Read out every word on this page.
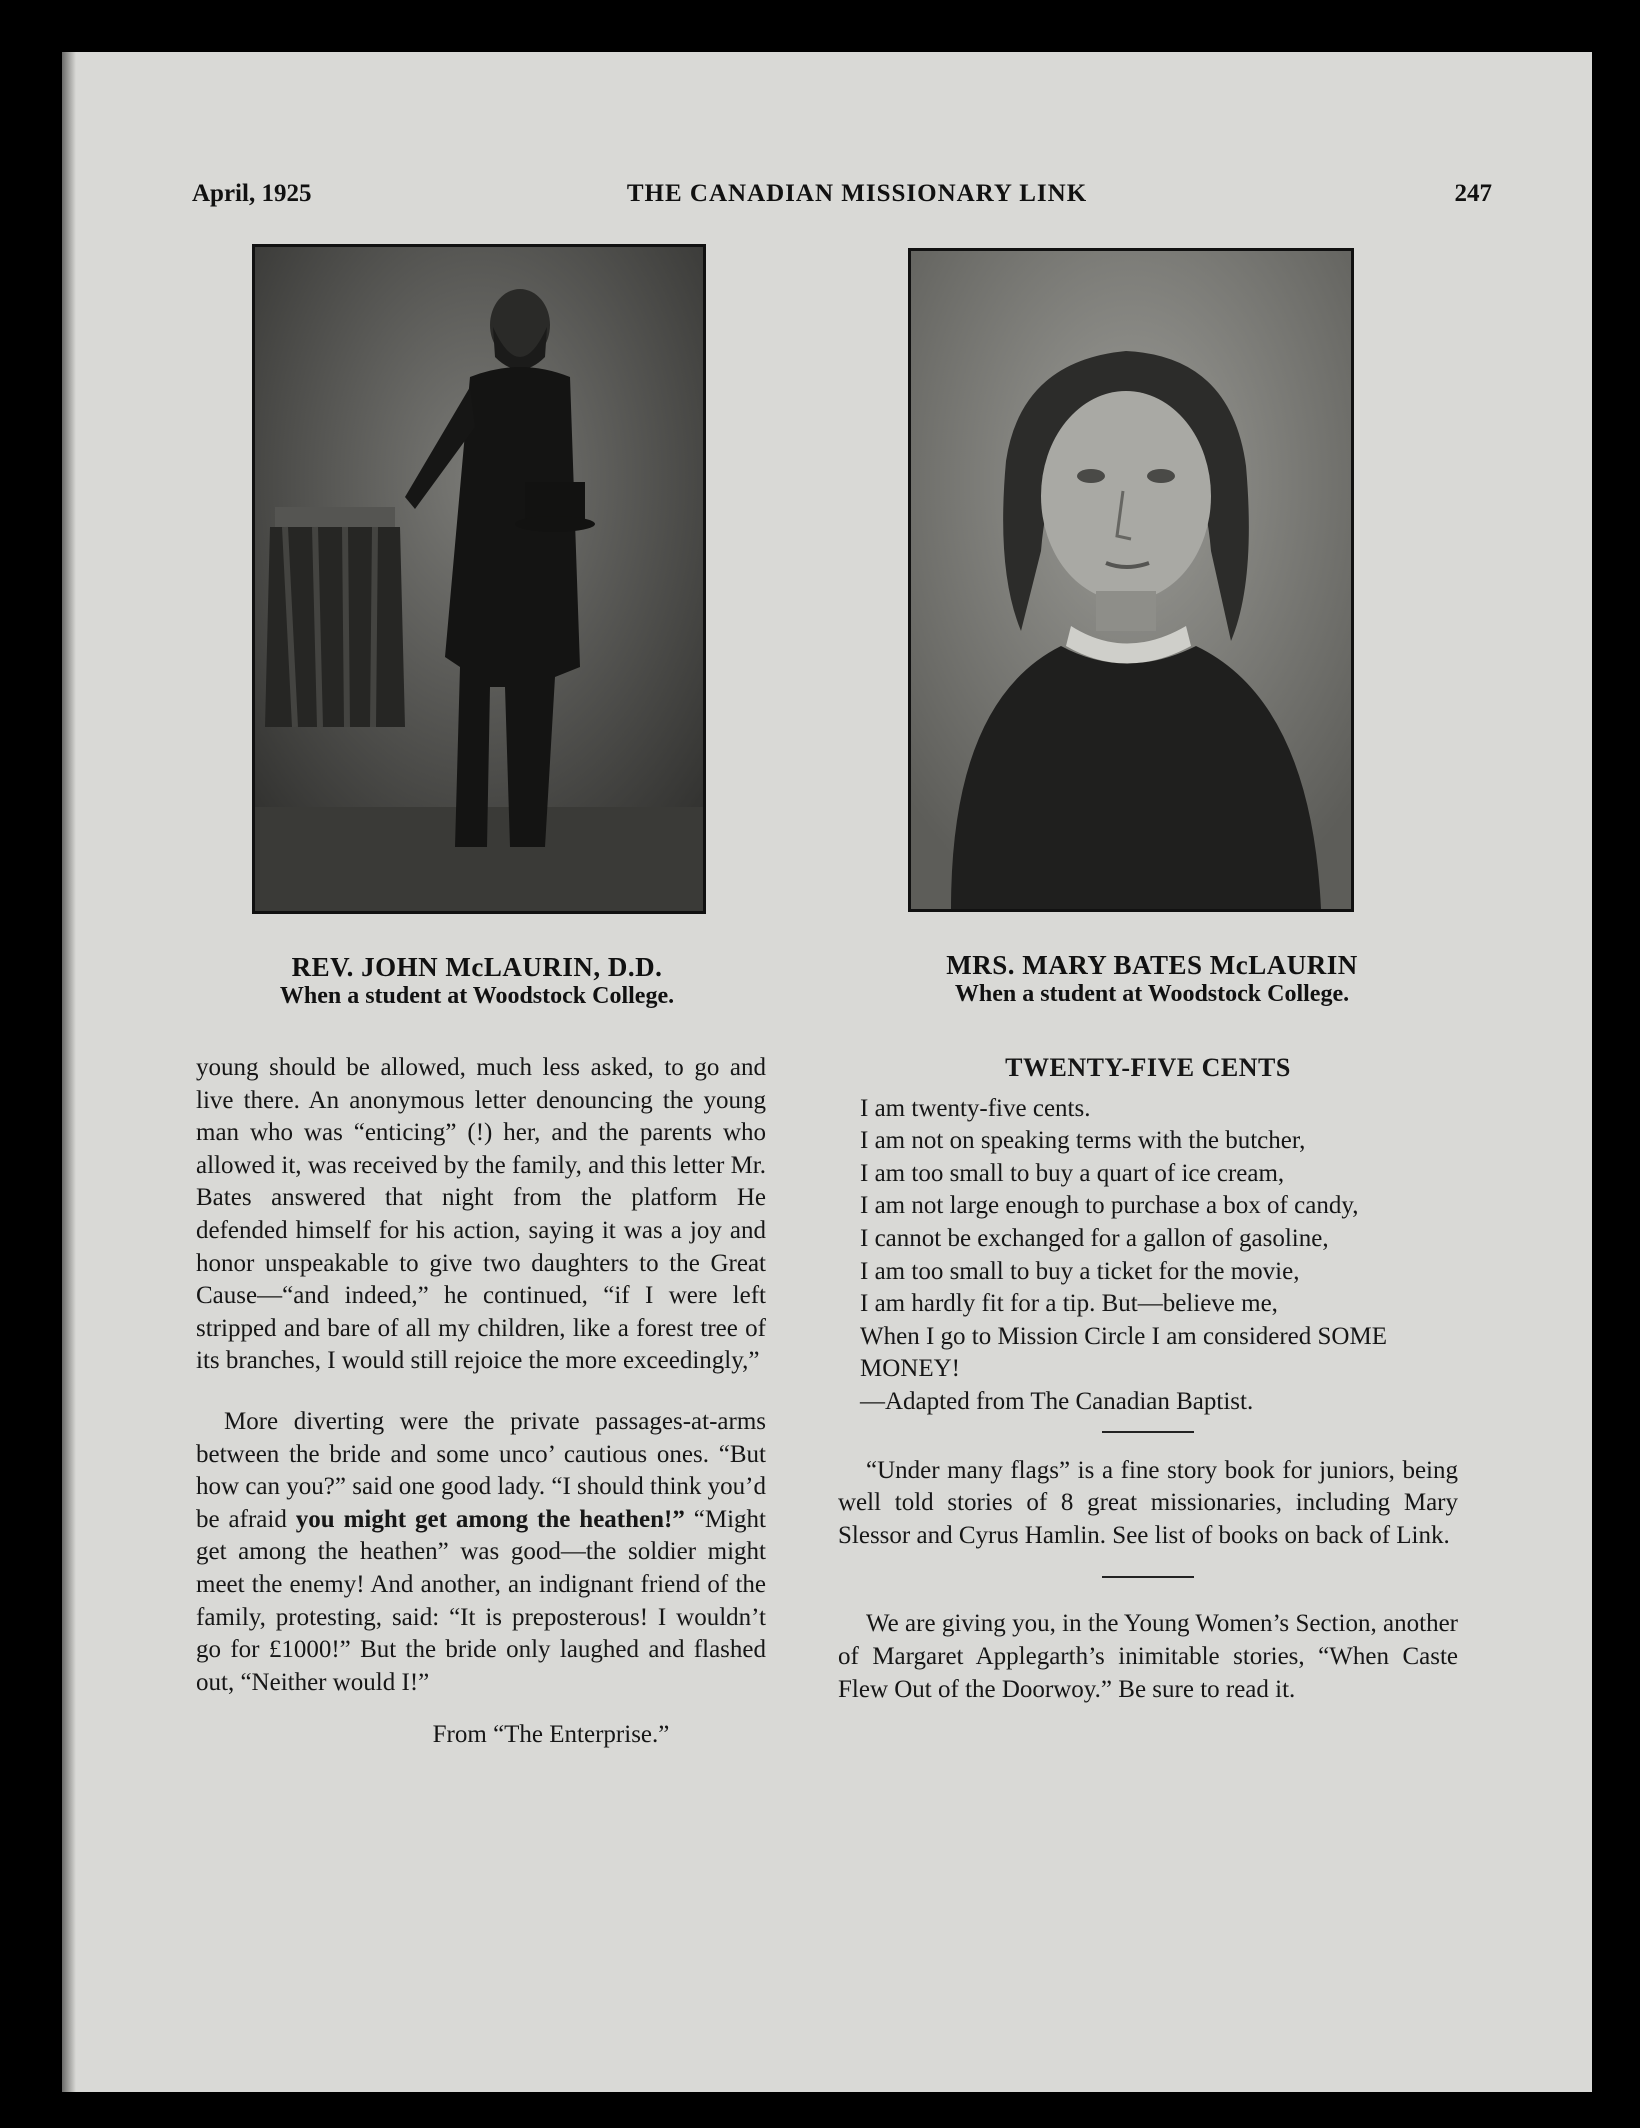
April, 1925	THE CANADIAN MISSIONARY LINK	247
REV. JOHN McLAURIN, D.D.
When a student at Woodstock College.
MRS. MARY BATES McLAURIN
When a student at Woodstock College.

young should be allowed, much less asked, to go and live there. An anonymous letter denouncing the young man who was “enticing” (!) her, and the parents who allowed it, was received by the family, and this letter Mr. Bates answered that night from the platform He defended himself for his action, saying it was a joy and honor unspeakable to give two daughters to the Great Cause—“and indeed,” he continued, “if I were left stripped and bare of all my children, like a forest tree of its branches, I would still rejoice the more exceedingly,”

More diverting were the private passages-at-arms between the bride and some unco’ cautious ones. “But how can you?” said one good lady. “I should think you’d be afraid you might get among the heathen!” “Might get among the heathen” was good—the soldier might meet the enemy! And another, an indignant friend of the family, protesting, said: “It is preposterous! I wouldn’t go for £1000!” But the bride only laughed and flashed out, “Neither would I!”

From “The Enterprise.”

TWENTY-FIVE CENTS

I am twenty-five cents.

I am not on speaking terms with the butcher,

I am too small to buy a quart of ice cream,

I am not large enough to purchase a box of candy,

I cannot be exchanged for a gallon of gasoline,

I am too small to buy a ticket for the movie,

I am hardly fit for a tip. But—believe me,

When I go to Mission Circle I am considered SOME MONEY!

—Adapted from The Canadian Baptist.

“Under many flags” is a fine story book for juniors, being well told stories of 8 great missionaries, including Mary Slessor and Cyrus Hamlin. See list of books on back of Link.

We are giving you, in the Young Women’s Section, another of Margaret Applegarth’s inimitable stories, “When Caste Flew Out of the Doorwoy.” Be sure to read it.
